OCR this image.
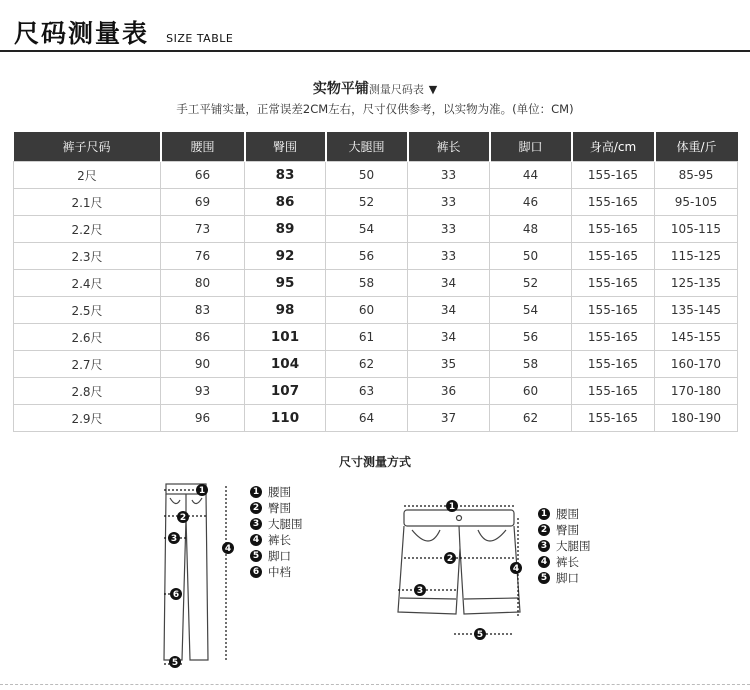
尺码测量表 SIZE TABLE
实物平铺测量尺码表 ▼
手工平铺实量，正常误差2CM左右，尺寸仅供参考，以实物为准。(单位：CM)
裤子尺码	腰围	臀围	大腿围	裤长	脚口	身高/cm	体重/斤
2尺	66	83	50	33	44	155-165	85-95
2.1尺	69	86	52	33	46	155-165	95-105
2.2尺	73	89	54	33	48	155-165	105-115
2.3尺	76	92	56	33	50	155-165	115-125
2.4尺	80	95	58	34	52	155-165	125-135
2.5尺	83	98	60	34	54	155-165	135-145
2.6尺	86	101	61	34	56	155-165	145-155
2.7尺	90	104	62	35	58	155-165	160-170
2.8尺	93	107	63	36	60	155-165	170-180
2.9尺	96	110	64	37	62	155-165	180-190
尺寸测量方式
1
2
3
4
5
6
1 腰围
2 臀围
3 大腿围
4 裤长
5 脚口
6 中档
1
2
3
4
5
1 腰围
2 臀围
3 大腿围
4 裤长
5 脚口
